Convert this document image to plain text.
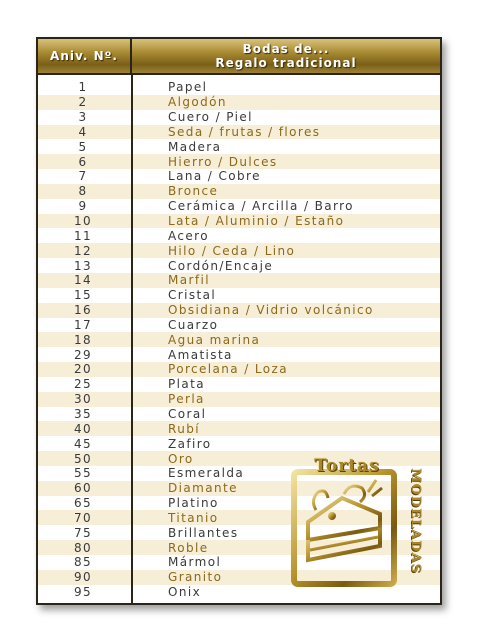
Aniv. Nº.	Bodas de...
Regalo tradicional
1	Papel
2	Algodón
3	Cuero / Piel
4	Seda / frutas / flores
5	Madera
6	Hierro / Dulces
7	Lana / Cobre
8	Bronce
9	Cerámica / Arcilla / Barro
10	Lata / Aluminio / Estaño
11	Acero
12	Hilo / Ceda / Lino
13	Cordón/Encaje
14	Marfil
15	Cristal
16	Obsidiana / Vidrio volcánico
17	Cuarzo
18	Agua marina
29	Amatista
20	Porcelana / Loza
25	Plata
30	Perla
35	Coral
40	Rubí
45	Zafiro
50	Oro
55	Esmeralda
60	Diamante
65	Platino
70	Titanio
75	Brillantes
80	Roble
85	Mármol
90	Granito
95	Onix
Tortas
MODELADAS
